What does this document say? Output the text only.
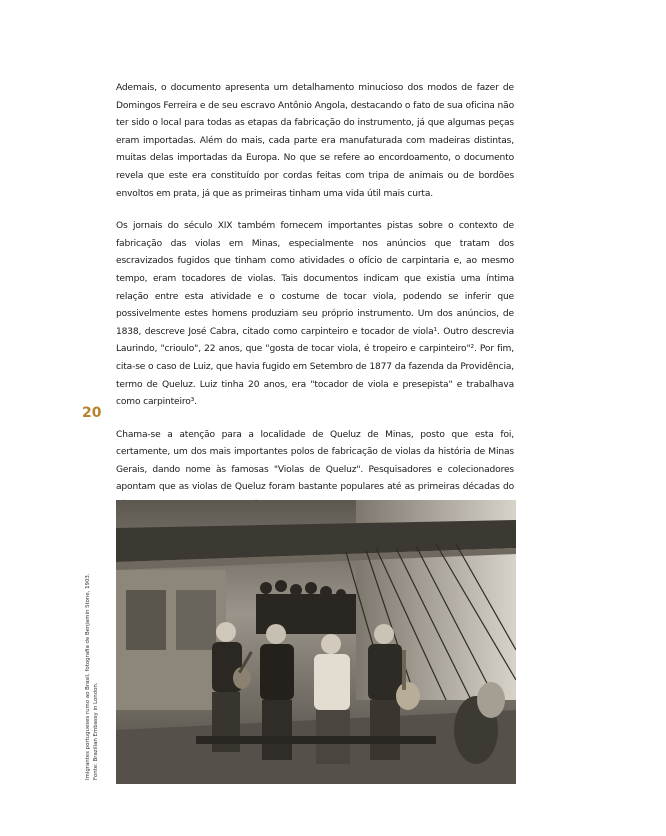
Ademais, o documento apresenta um detalhamento minucioso dos modos de fazer de Domingos Ferreira e de seu escravo Antônio Angola, destacando o fato de sua oficina não ter sido o local para todas as etapas da fabricação do instrumento, já que algumas peças eram importadas. Além do mais, cada parte era manufaturada com madeiras distintas, muitas delas importadas da Europa. No que se refere ao encordoamento, o documento revela que este era constituído por cordas feitas com tripa de animais ou de bordões envoltos em prata, já que as primeiras tinham uma vida útil mais curta.

Os jornais do século XIX também fornecem importantes pistas sobre o contexto de fabricação das violas em Minas, especialmente nos anúncios que tratam dos escravizados fugidos que tinham como atividades o ofício de carpintaria e, ao mesmo tempo, eram tocadores de violas. Tais documentos indicam que existia uma íntima relação entre esta atividade e o costume de tocar viola, podendo se inferir que possivelmente estes homens produziam seu próprio instrumento. Um dos anúncios, de 1838, descreve José Cabra, citado como carpinteiro e tocador de viola¹. Outro descrevia Laurindo, "crioulo", 22 anos, que "gosta de tocar viola, é tropeiro e carpinteiro"². Por fim, cita-se o caso de Luiz, que havia fugido em Setembro de 1877 da fazenda da Providência, termo de Queluz. Luiz tinha 20 anos, era "tocador de viola e presepista" e trabalhava como carpinteiro³.

Chama-se a atenção para a localidade de Queluz de Minas, posto que esta foi, certamente, um dos mais importantes polos de fabricação de violas da história de Minas Gerais, dando nome às famosas "Violas de Queluz". Pesquisadores e colecionadores apontam que as violas de Queluz foram bastante populares até as primeiras décadas do

20
Imigrantes portugueses rumo ao Brasil, fotografia de Benjamin Stone, 1903. Fonte: Brazilian Embassy in London.
